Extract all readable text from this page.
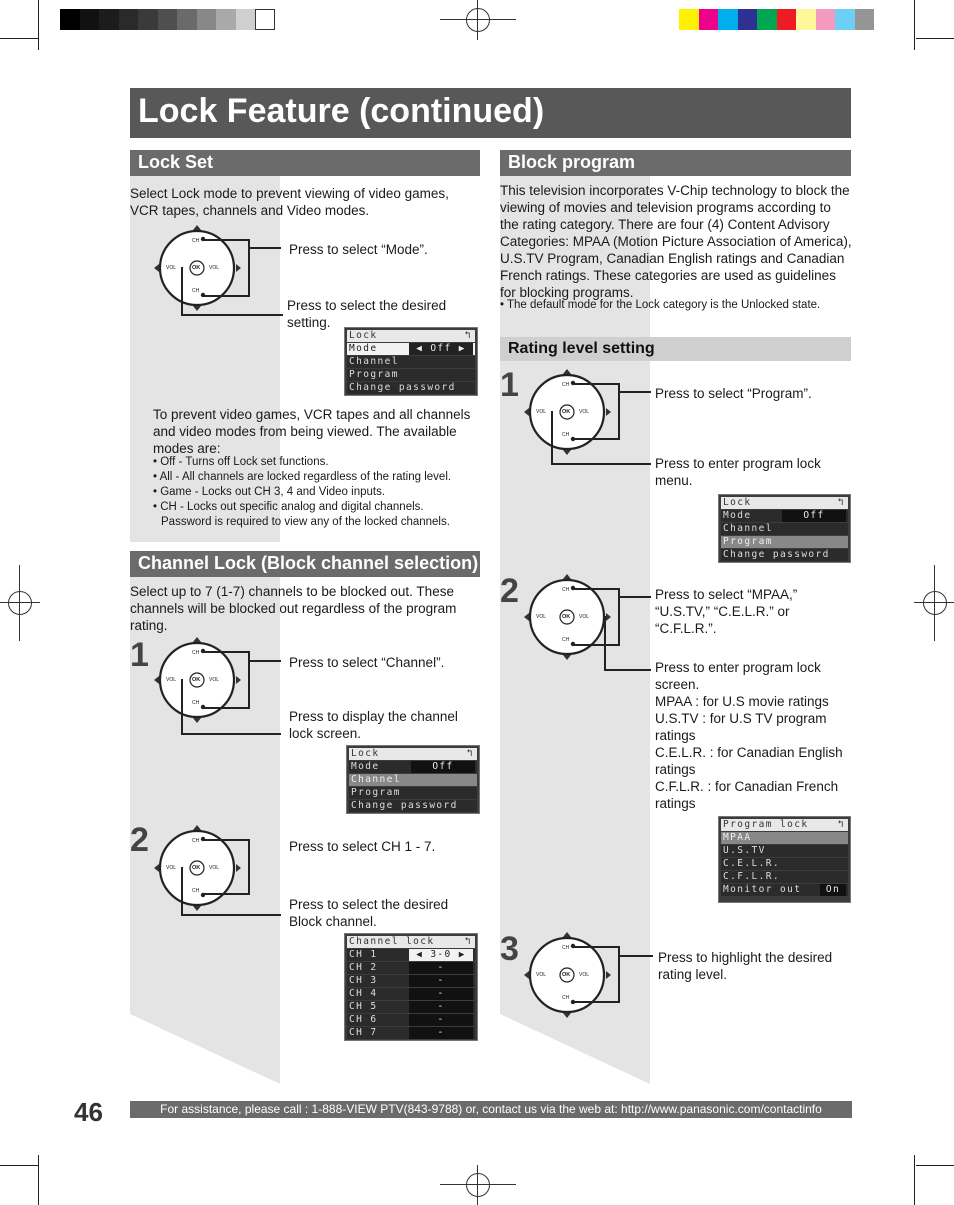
Lock Feature (continued)
Lock Set
Select Lock mode to prevent viewing of video games, VCR tapes, channels and Video modes.
OK
CH
CH
VOL	VOL
Press to select “Mode”.
Press to select the desired setting.
Lock	↰
Mode	◀ Off ▶
Channel
Program
Change password
To prevent video games, VCR tapes and all channels and video modes from being viewed. The available modes are:
• Off - Turns off Lock set functions.
• All - All channels are locked regardless of the rating level.
• Game - Locks out CH 3, 4 and Video inputs.
• CH - Locks out specific analog and digital channels.
Password is required to view any of the locked channels.
Channel Lock (Block channel selection)
Select up to 7 (1-7) channels to be blocked out. These channels will be blocked out regardless of the program rating.
1
OK
CH
CH
VOL	VOL
Press to select “Channel”.
Press to display the channel lock screen.
Lock	↰
Mode	Off
Channel
Program
Change password
2
OK
CH
CH
VOL	VOL
Press to select CH 1 - 7.
Press to select the desired Block channel.
Channel lock	↰
CH 1	◀ 3-0 ▶
CH 2	-
CH 3	-
CH 4	-
CH 5	-
CH 6	-
CH 7	-
Block program
This television incorporates V-Chip technology to block the viewing of movies and television programs according to the rating category. There are four (4) Content Advisory Categories: MPAA (Motion Picture Association of America), U.S.TV Program, Canadian English ratings and Canadian French ratings. These categories are used as guidelines for blocking programs.
• The default mode for the Lock category is the Unlocked state.
Rating level setting
1
OK
CH
CH
VOL	VOL
Press to select “Program”.
Press to enter program lock menu.
Lock	↰
Mode	Off
Channel
Program
Change password
2
OK
CH
CH
VOL	VOL
Press to select “MPAA,” “U.S.TV,” “C.E.L.R.” or “C.F.L.R.”.
Press to enter program lock screen.
MPAA : for U.S movie ratings
U.S.TV : for U.S TV program ratings
C.E.L.R. : for Canadian English ratings
C.F.L.R. : for Canadian French ratings
Program lock	↰
MPAA
U.S.TV
C.E.L.R.
C.F.L.R.
Monitor out	On
3
OK
CH
CH
VOL	VOL
Press to highlight the desired rating level.
46	For assistance, please call : 1-888-VIEW PTV(843-9788) or, contact us via the web at: http://www.panasonic.com/contactinfo
